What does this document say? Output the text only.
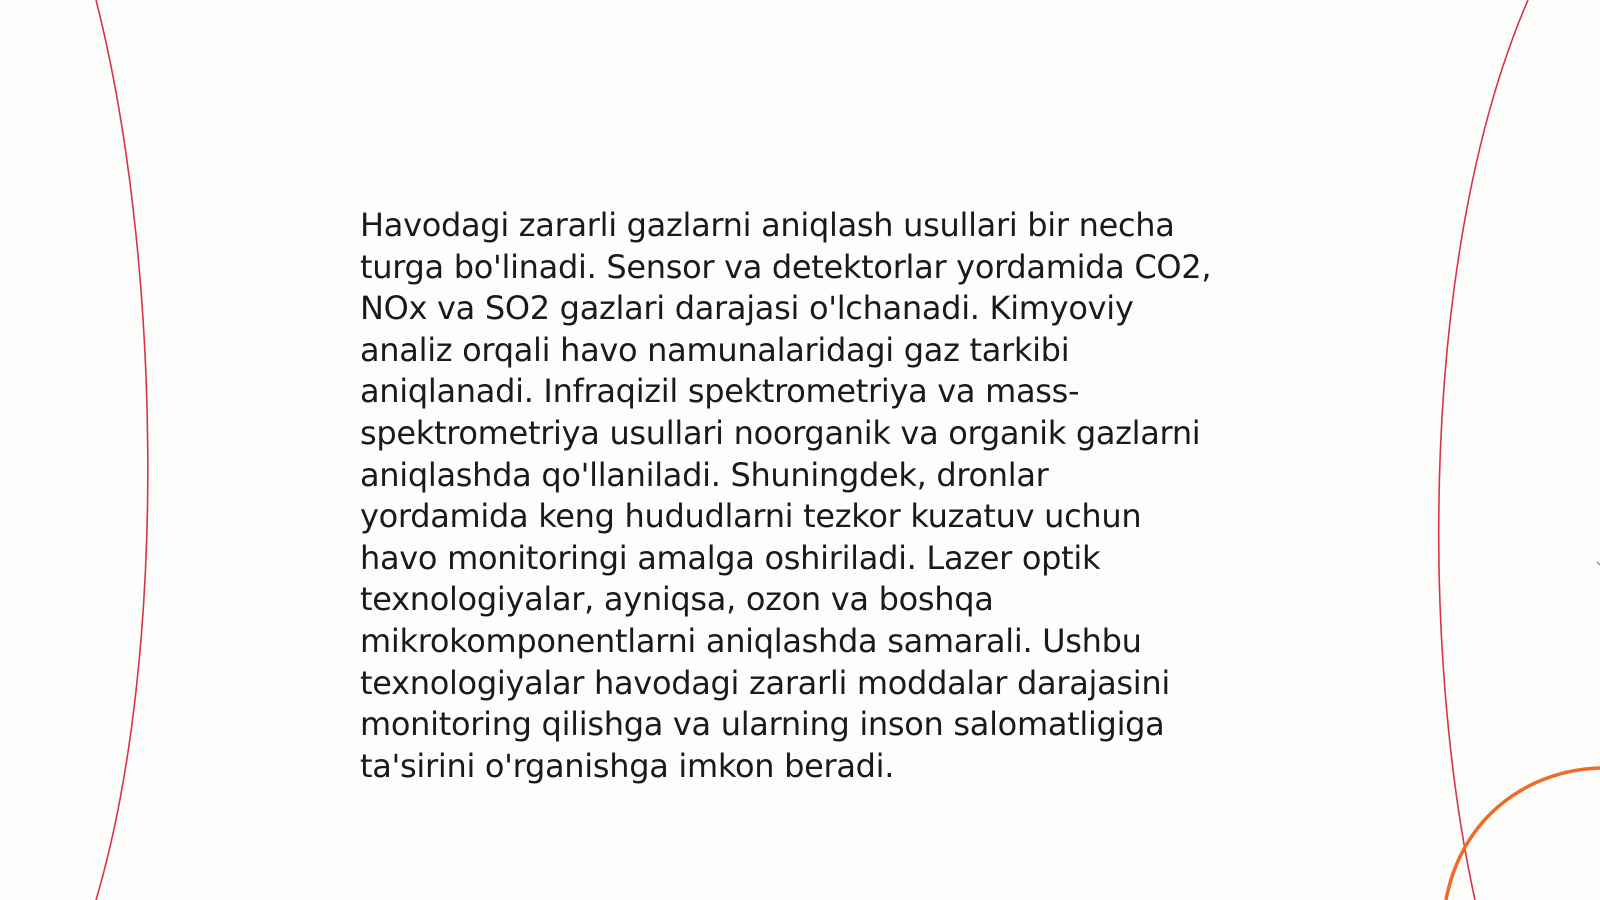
Havodagi zararli gazlarni aniqlash usullari bir necha
turga bo'linadi. Sensor va detektorlar yordamida CO2,
NOx va SO2 gazlari darajasi o'lchanadi. Kimyoviy
analiz orqali havo namunalaridagi gaz tarkibi
aniqlanadi. Infraqizil spektrometriya va mass-
spektrometriya usullari noorganik va organik gazlarni
aniqlashda qo'llaniladi. Shuningdek, dronlar
yordamida keng hududlarni tezkor kuzatuv uchun
havo monitoringi amalga oshiriladi. Lazer optik
texnologiyalar, ayniqsa, ozon va boshqa
mikrokomponentlarni aniqlashda samarali. Ushbu
texnologiyalar havodagi zararli moddalar darajasini
monitoring qilishga va ularning inson salomatligiga
ta'sirini o'rganishga imkon beradi.
